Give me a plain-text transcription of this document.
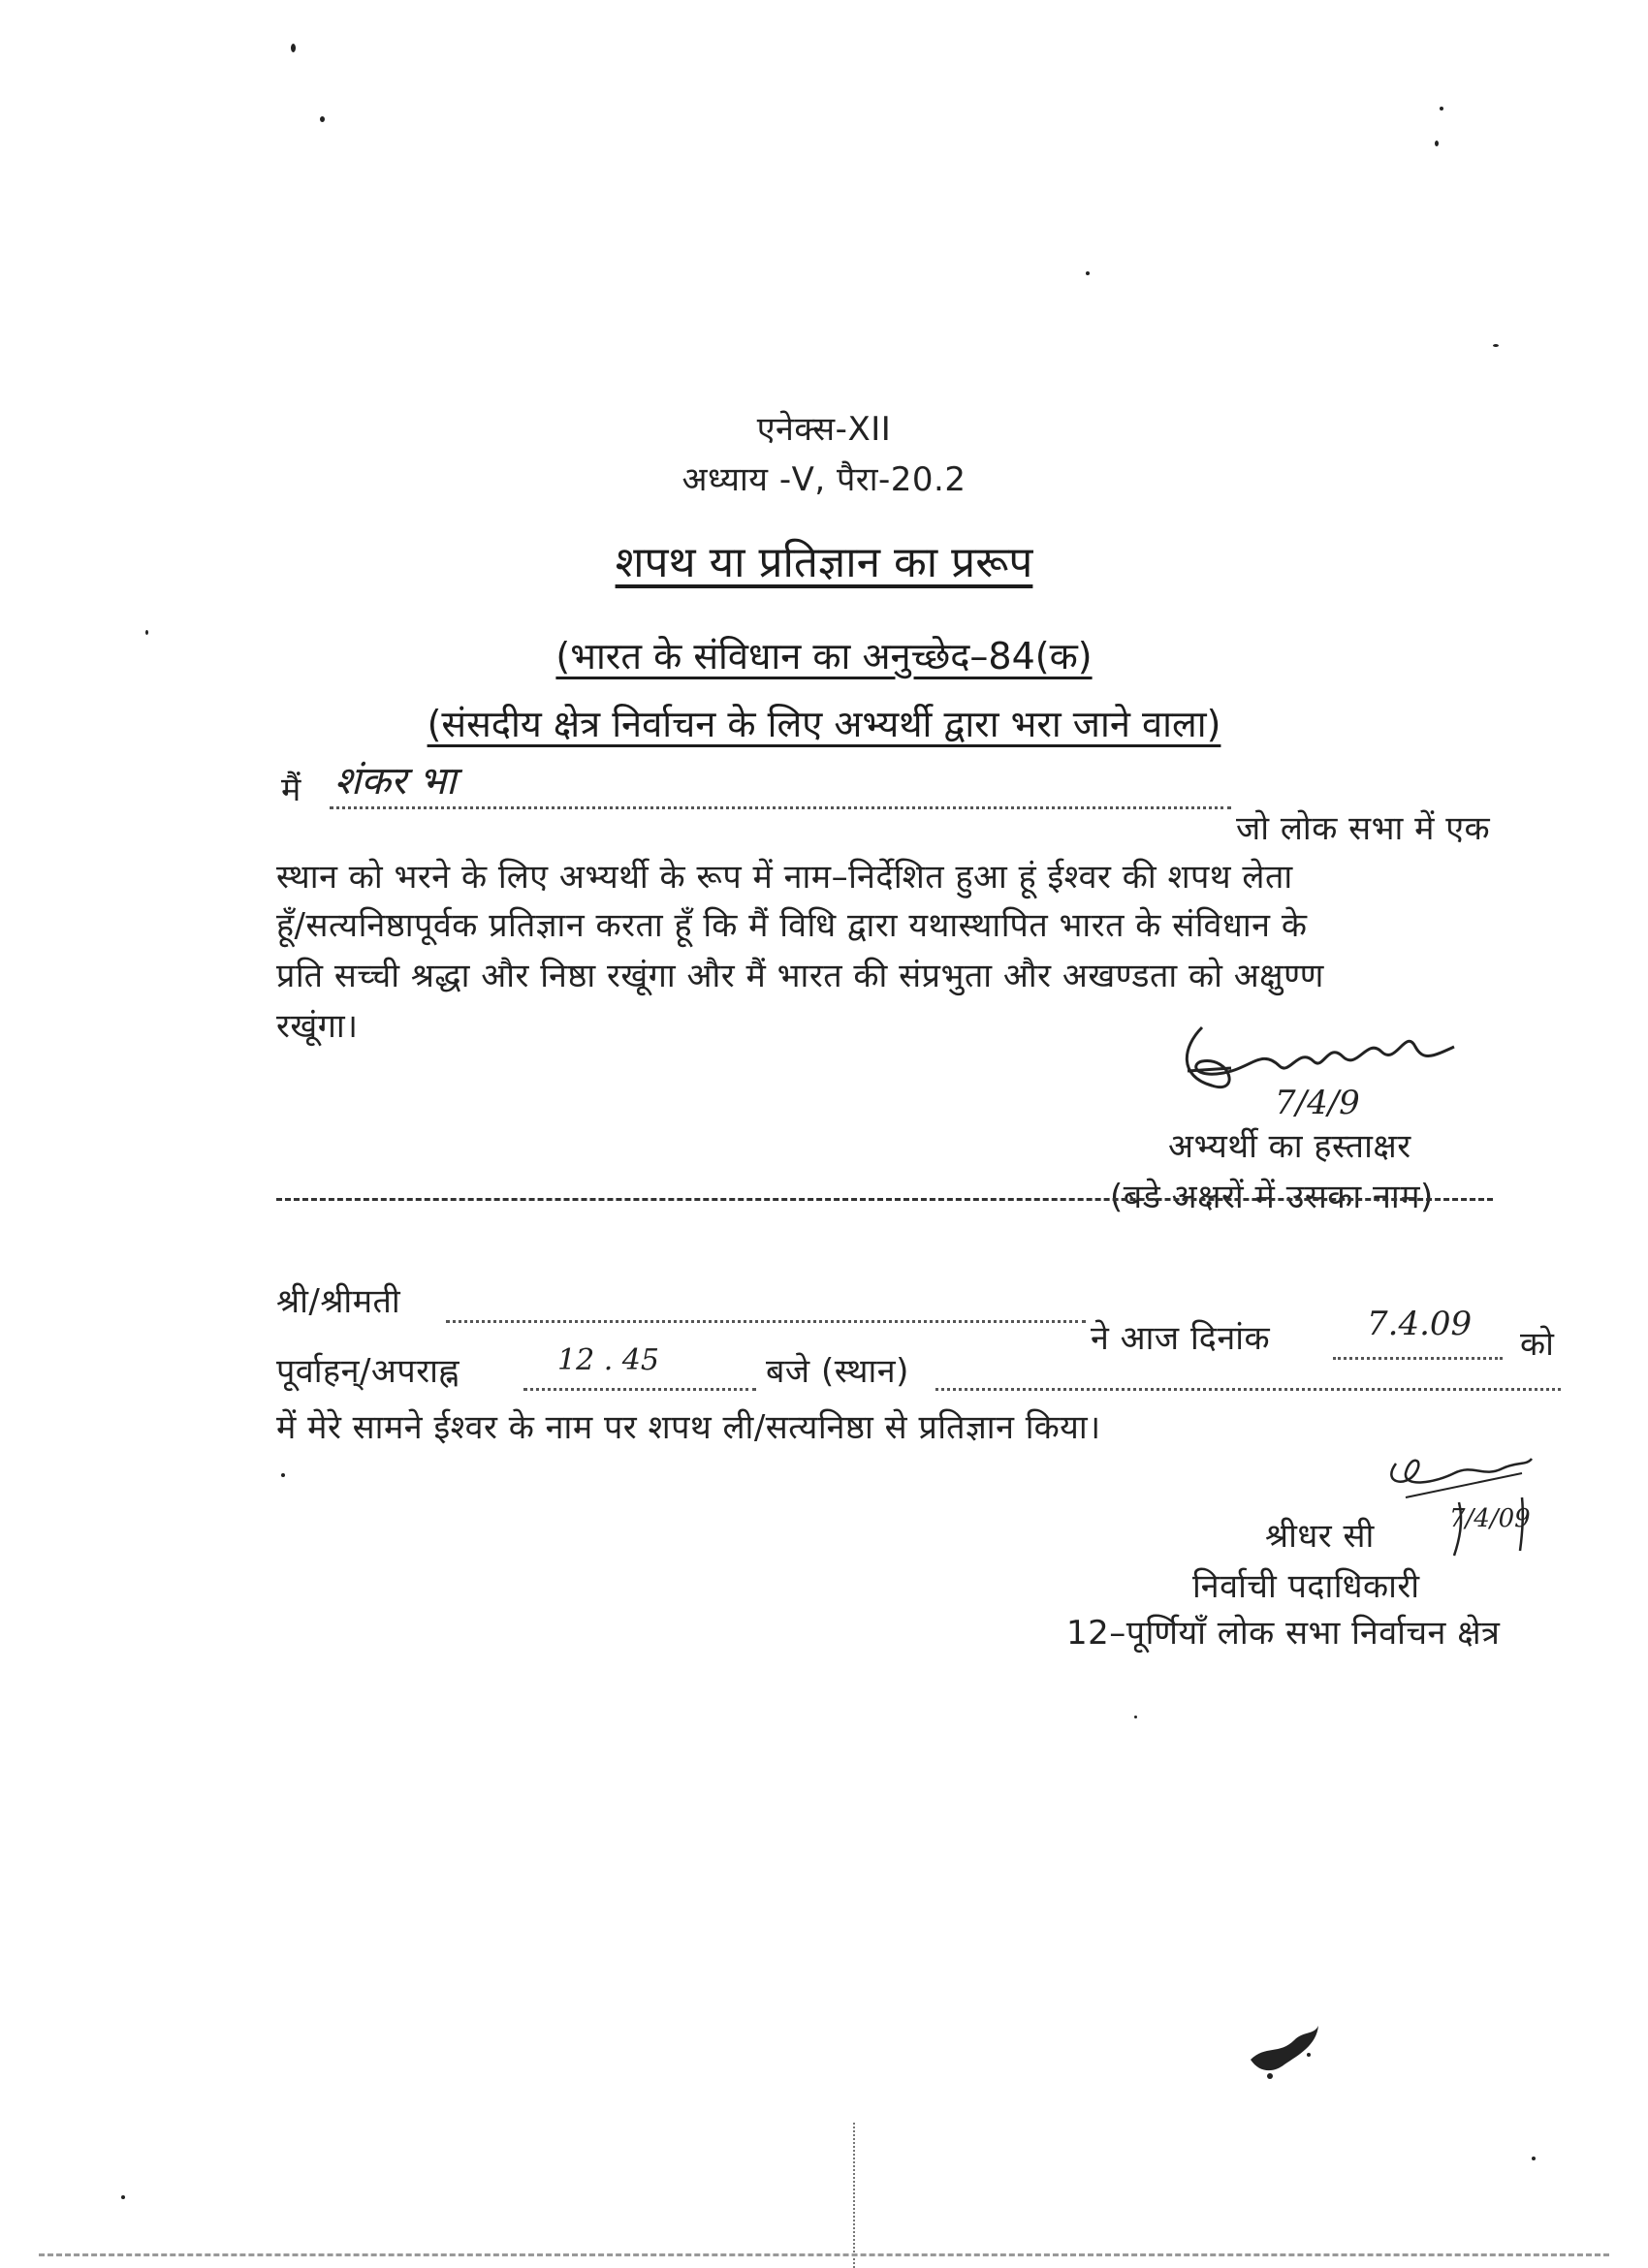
एनेक्स-XII
अध्याय -V, पैरा-20.2
शपथ या प्रतिज्ञान का प्ररूप
(भारत के संविधान का अनुच्छेद–84(क)
(संसदीय क्षेत्र निर्वाचन के लिए अभ्यर्थी द्वारा भरा जाने वाला)
मैं शंकर भा
जो लोक सभा में एक
स्थान को भरने के लिए अभ्यर्थी के रूप में नाम–निर्देशित हुआ हूं ईश्वर की शपथ लेता
हूँ/सत्यनिष्ठापूर्वक प्रतिज्ञान करता हूँ कि मैं विधि द्वारा यथास्थापित भारत के संविधान के
प्रति सच्ची श्रद्धा और निष्ठा रखूंगा और मैं भारत की संप्रभुता और अखण्डता को अक्षुण्ण
रखूंगा।
7/4/9
अभ्यर्थी का हस्ताक्षर
(बडे अक्षरों में उसका नाम)
श्री/श्रीमती
ने आज दिनांक	7.4.09
को
पूर्वाहन्/अपराह्न	12 . 45	बजे (स्थान)
में मेरे सामने ईश्वर के नाम पर शपथ ली/सत्यनिष्ठा से प्रतिज्ञान किया।
7/4/09
श्रीधर सी
निर्वाची पदाधिकारी
12–पूर्णियाँ लोक सभा निर्वाचन क्षेत्र
